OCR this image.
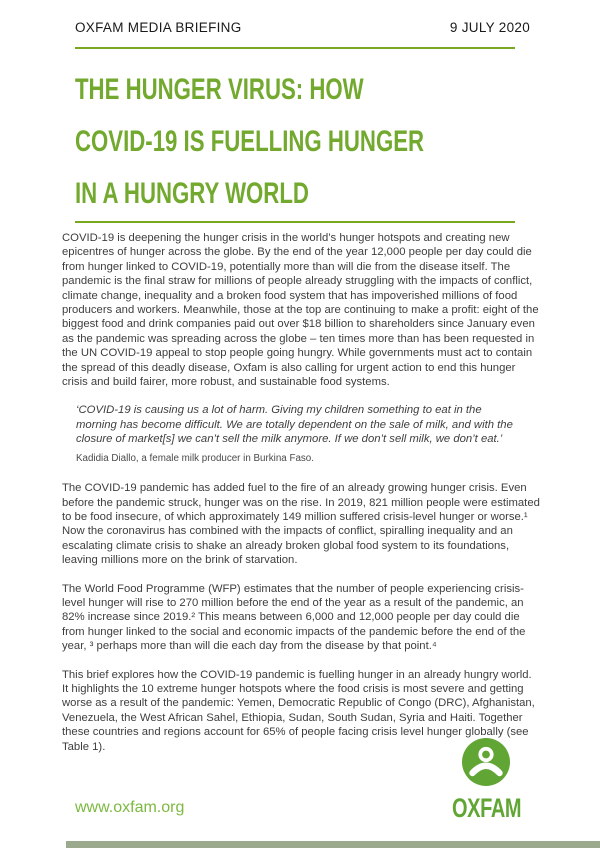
OXFAM MEDIA BRIEFING	9 JULY 2020
THE HUNGER VIRUS: HOW
COVID-19 IS FUELLING HUNGER
IN A HUNGRY WORLD

COVID-19 is deepening the hunger crisis in the world’s hunger hotspots and creating new epicentres of hunger across the globe. By the end of the year 12,000 people per day could die from hunger linked to COVID-19, potentially more than will die from the disease itself. The pandemic is the final straw for millions of people already struggling with the impacts of conflict, climate change, inequality and a broken food system that has impoverished millions of food producers and workers. Meanwhile, those at the top are continuing to make a profit: eight of the biggest food and drink companies paid out over $18 billion to shareholders since January even as the pandemic was spreading across the globe – ten times more than has been requested in the UN COVID-19 appeal to stop people going hungry. While governments must act to contain the spread of this deadly disease, Oxfam is also calling for urgent action to end this hunger crisis and build fairer, more robust, and sustainable food systems.

‘COVID-19 is causing us a lot of harm. Giving my children something to eat in the morning has become difficult. We are totally dependent on the sale of milk, and with the closure of market[s] we can’t sell the milk anymore. If we don’t sell milk, we don’t eat.’
Kadidia Diallo, a female milk producer in Burkina Faso.

The COVID-19 pandemic has added fuel to the fire of an already growing hunger crisis. Even before the pandemic struck, hunger was on the rise. In 2019, 821 million people were estimated to be food insecure, of which approximately 149 million suffered crisis-level hunger or worse.¹ Now the coronavirus has combined with the impacts of conflict, spiralling inequality and an escalating climate crisis to shake an already broken global food system to its foundations, leaving millions more on the brink of starvation.

The World Food Programme (WFP) estimates that the number of people experiencing crisis-level hunger will rise to 270 million before the end of the year as a result of the pandemic, an 82% increase since 2019.² This means between 6,000 and 12,000 people per day could die from hunger linked to the social and economic impacts of the pandemic before the end of the year, ³ perhaps more than will die each day from the disease by that point.⁴

This brief explores how the COVID-19 pandemic is fuelling hunger in an already hungry world. It highlights the 10 extreme hunger hotspots where the food crisis is most severe and getting worse as a result of the pandemic: Yemen, Democratic Republic of Congo (DRC), Afghanistan, Venezuela, the West African Sahel, Ethiopia, Sudan, South Sudan, Syria and Haiti. Together these countries and regions account for 65% of people facing crisis level hunger globally (see Table 1).

OXFAM
www.oxfam.org
